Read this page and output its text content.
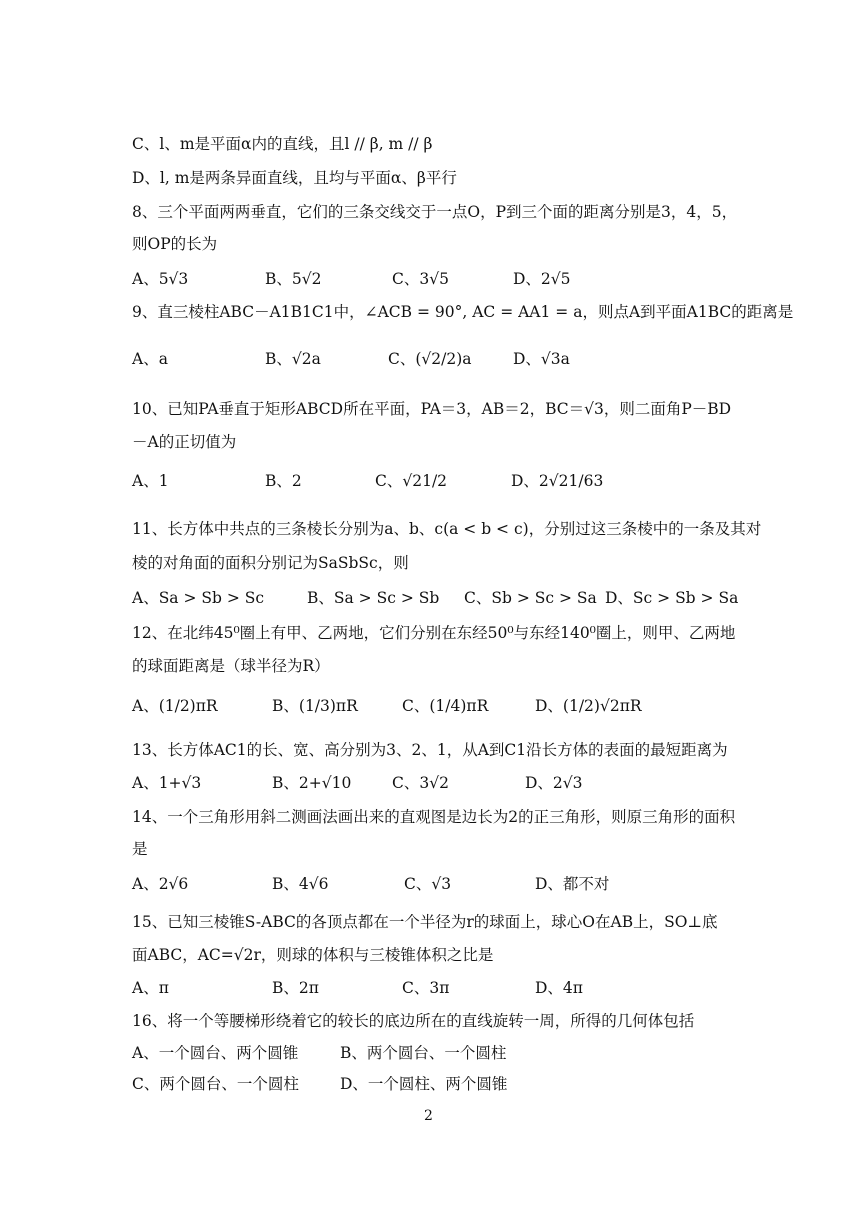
C、l、m是平面α内的直线，且l // β, m // β
D、l, m是两条异面直线，且均与平面α、β平行
8、三个平面两两垂直，它们的三条交线交于一点O，P到三个面的距离分别是3，4，5，
则OP的长为
A、5√3	B、5√2	C、3√5	D、2√5
9、直三棱柱ABC－A1B1C1中，∠ACB = 90°, AC = AA1 = a，则点A到平面A1BC的距离是
A、a	B、√2a	C、(√2/2)a	D、√3a
10、已知PA垂直于矩形ABCD所在平面，PA＝3，AB＝2，BC＝√3，则二面角P－BD
－A的正切值为
A、1	B、2	C、√21/2	D、2√21/63
11、长方体中共点的三条棱长分别为a、b、c(a < b < c)，分别过这三条棱中的一条及其对
棱的对角面的面积分别记为SaSbSc，则
A、Sa > Sb > Sc	B、Sa > Sc > Sb C、Sb > Sc > Sa D、Sc > Sb > Sa
12、在北纬45⁰圈上有甲、乙两地，它们分别在东经50⁰与东经140⁰圈上，则甲、乙两地
的球面距离是（球半径为R）
A、(1/2)πR	B、(1/3)πR	C、(1/4)πR	D、(1/2)√2πR
13、长方体AC1的长、宽、高分别为3、2、1，从A到C1沿长方体的表面的最短距离为
A、1+√3	B、2+√10	C、3√2	D、2√3
14、一个三角形用斜二测画法画出来的直观图是边长为2的正三角形，则原三角形的面积
是
A、2√6	B、4√6	C、√3	D、都不对
15、已知三棱锥S-ABC的各顶点都在一个半径为r的球面上，球心O在AB上，SO⊥底
面ABC，AC=√2r，则球的体积与三棱锥体积之比是
A、π	B、2π	C、3π	D、4π
16、将一个等腰梯形绕着它的较长的底边所在的直线旋转一周，所得的几何体包括
A、一个圆台、两个圆锥	B、两个圆台、一个圆柱
C、两个圆台、一个圆柱	D、一个圆柱、两个圆锥
2
